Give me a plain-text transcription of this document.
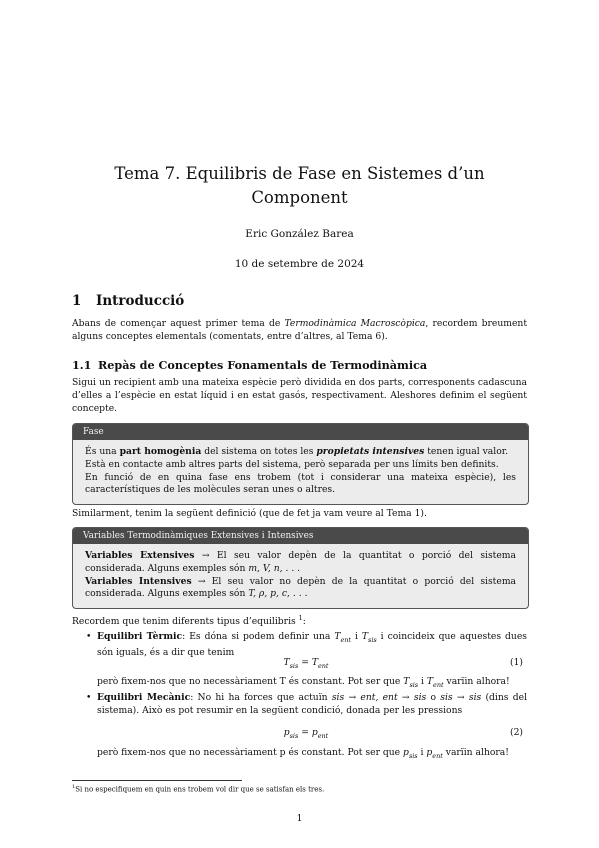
Tema 7. Equilibris de Fase en Sistemes d’un
Component
Eric González Barea
10 de setembre de 2024
1 Introducció
Abans de començar aquest primer tema de Termodinàmica Macroscòpica, recordem breument alguns conceptes elementals (comentats, entre d’altres, al Tema 6).
1.1 Repàs de Conceptes Fonamentals de Termodinàmica
Sigui un recipient amb una mateixa espècie però dividida en dos parts, corresponents cadascuna d’elles a l’espècie en estat líquid i en estat gasós, respectivament. Aleshores definim el següent concepte.
Fase
És una part homogènia del sistema on totes les propietats intensives tenen igual valor.
Està en contacte amb altres parts del sistema, però separada per uns límits ben definits.
En funció de en quina fase ens trobem (tot i considerar una mateixa espècie), les característiques de les molècules seran unes o altres.
Similarment, tenim la següent definició (que de fet ja vam veure al Tema 1).
Variables Termodinàmiques Extensives i Intensives
Variables Extensives → El seu valor depèn de la quantitat o porció del sistema considerada. Alguns exemples són m, V, n, . . .
Variables Intensives → El seu valor no depèn de la quantitat o porció del sistema considerada. Alguns exemples són T, ρ, p, c, . . .
Recordem que tenim diferents tipus d’equilibris $^1$:
• Equilibri Tèrmic: Es dóna si podem definir una $T_{ent}$ i $T_{sis}$ i coincideix que aquestes dues són iguals, és a dir que tenim
$T_{sis} = T_{ent}$	(1)
però fixem-nos que no necessàriament T és constant. Pot ser que $T_{sis}$ i $T_{ent}$ varïin alhora!
• Equilibri Mecànic: No hi ha forces que actuïn sis → ent, ent → sis o sis → sis (dins del sistema). Això es pot resumir en la següent condició, donada per les pressions
$p_{sis} = p_{ent}$	(2)
però fixem-nos que no necessàriament p és constant. Pot ser que $p_{sis}$ i $p_{ent}$ varïin alhora!
$^1$Si no especifiquem en quin ens trobem vol dir que se satisfan els tres.
1
